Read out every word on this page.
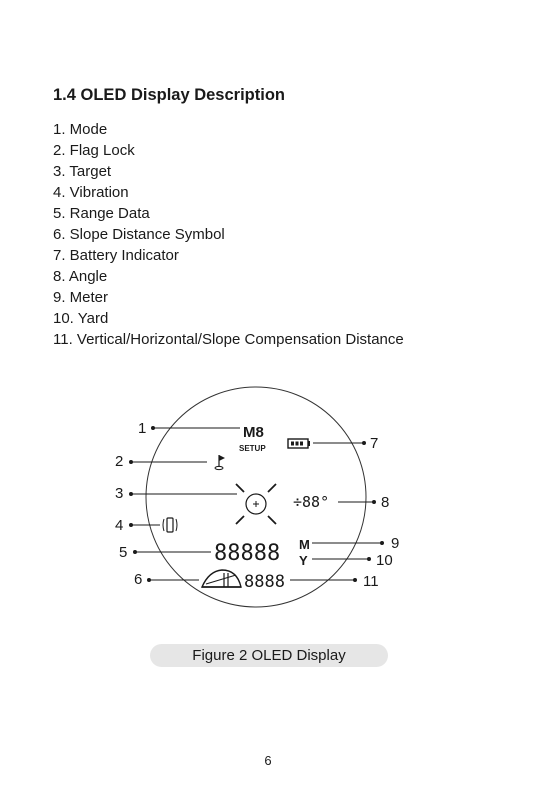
1.4 OLED Display Description
1. Mode
2. Flag Lock
3. Target
4. Vibration
5. Range Data
6. Slope Distance Symbol
7. Battery Indicator
8. Angle
9. Meter
10. Yard
11. Vertical/Horizontal/Slope Compensation Distance
1	M8
SETUP
2
7
3	÷88°	8
4
M	9
5	88888 Y	10
6	8888	11
Figure 2 OLED Display
6
